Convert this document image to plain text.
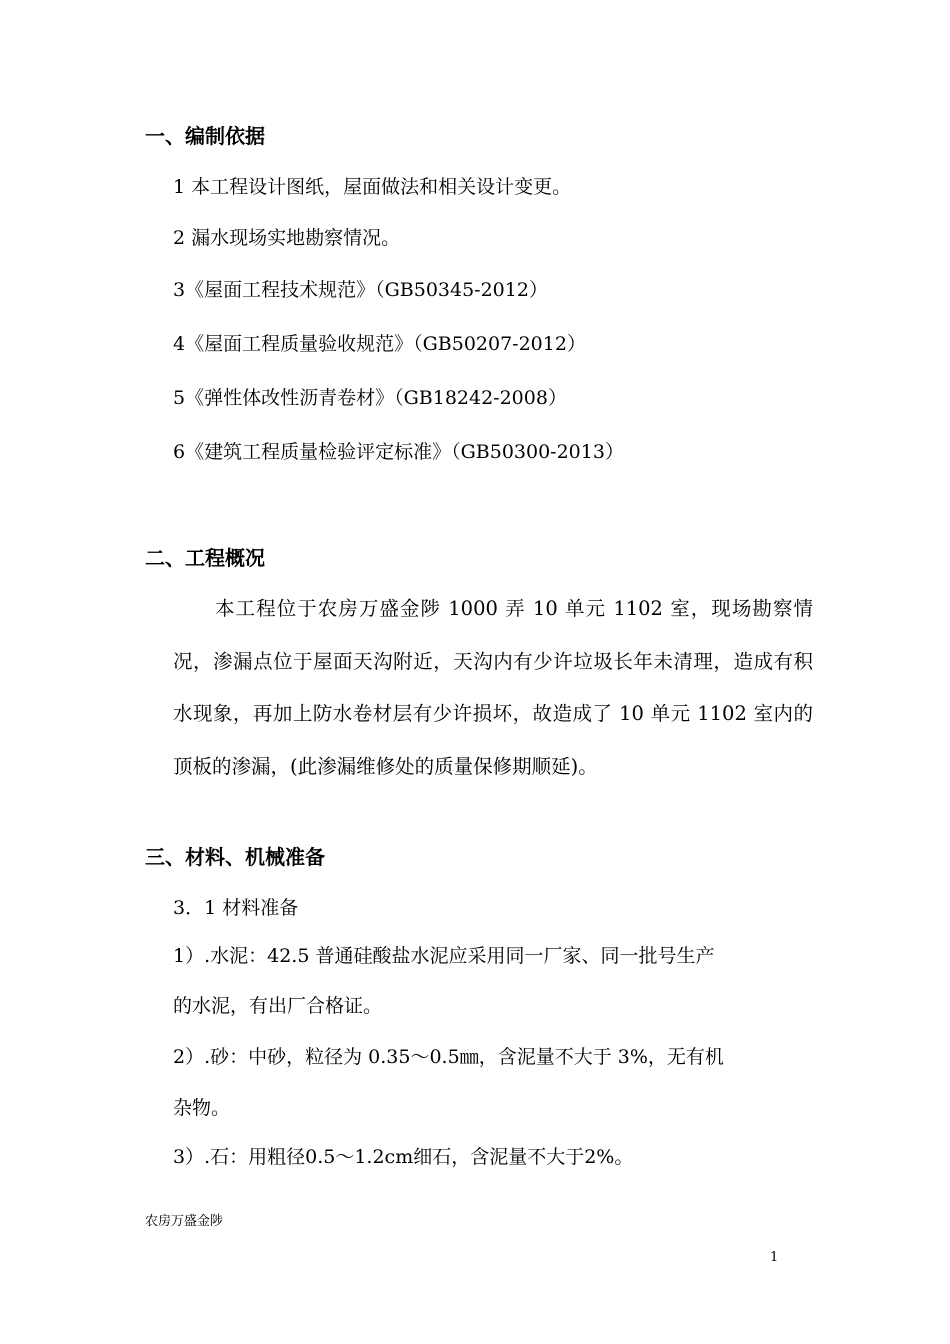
一、编制依据
1 本工程设计图纸，屋面做法和相关设计变更。
2 漏水现场实地勘察情况。
3《屋面工程技术规范》（GB50345-2012）
4《屋面工程质量验收规范》（GB50207-2012）
5《弹性体改性沥青卷材》（GB18242-2008）
6《建筑工程质量检验评定标准》（GB50300-2013）
二、工程概况

本工程位于农房万盛金陟 1000 弄 10 单元 1102 室，现场勘察情况，渗漏点位于屋面天沟附近，天沟内有少许垃圾长年未清理，造成有积水现象，再加上防水卷材层有少许损坏，故造成了 10 单元 1102 室内的顶板的渗漏，(此渗漏维修处的质量保修期顺延)。

三、材料、机械准备
3．1 材料准备
1）.水泥：42.5 普通硅酸盐水泥应采用同一厂家、同一批号生产
的水泥，有出厂合格证。
2）.砂：中砂，粒径为 0.35～0.5㎜，含泥量不大于 3%，无有机
杂物。
3）.石：用粗径0.5～1.2cm细石，含泥量不大于2%。
农房万盛金陟
1
